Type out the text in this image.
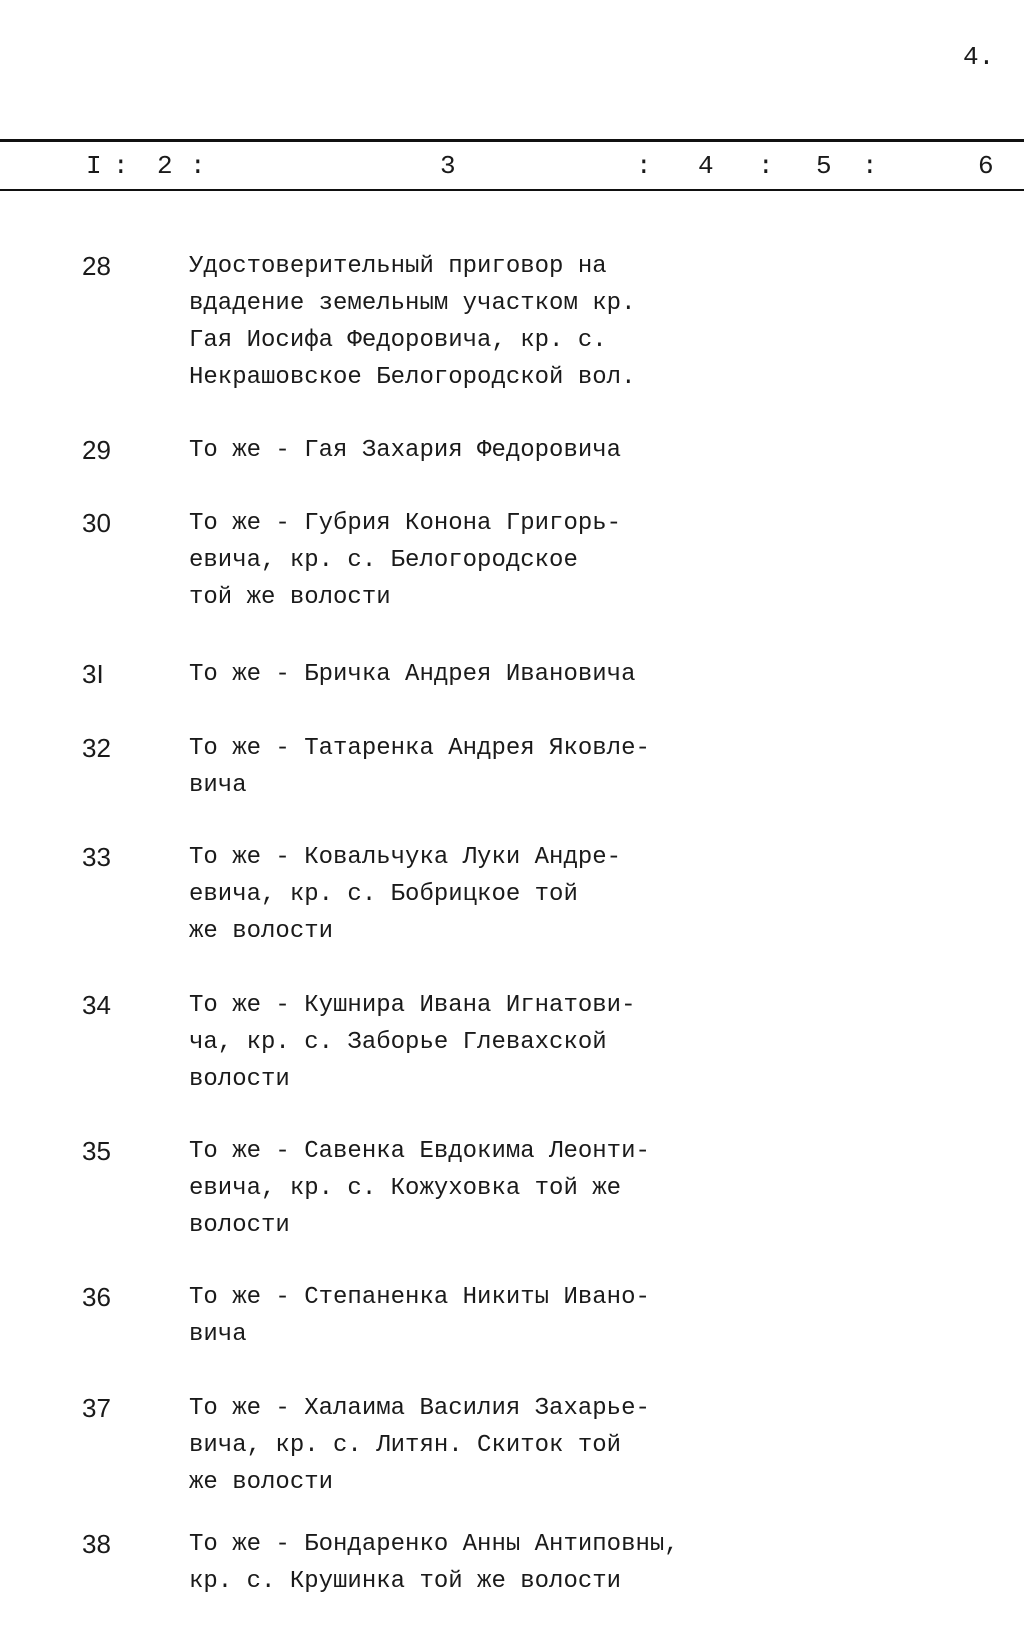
4.
I : 2 :	3	: 4 : 5 :	6
28	Удостоверительный приговор на
вдадение земельным участком кр.
Гая Иосифа Федоровича, кр. с.
Некрашовское Белогородской вол.
29	То же - Гая Захария Федоровича
30	То же - Губрия Конона Григорь-
евича, кр. с. Белогородское
той же волости
3I	То же - Бричка Андрея Ивановича
32	То же - Татаренка Андрея Яковле-
вича
33	То же - Ковальчука Луки Андре-
евича, кр. с. Бобрицкое той
же волости
34	То же - Кушнира Ивана Игнатови-
ча, кр. с. Заборье Глевахской
волости
35	То же - Савенка Евдокима Леонти-
евича, кр. с. Кожуховка той же
волости
36	То же - Степаненка Никиты Ивано-
вича
37	То же - Халаима Василия Захарье-
вича, кр. с. Литян. Скиток той
же волости
38	То же - Бондаренко Анны Антиповны,
кр. с. Крушинка той же волости
